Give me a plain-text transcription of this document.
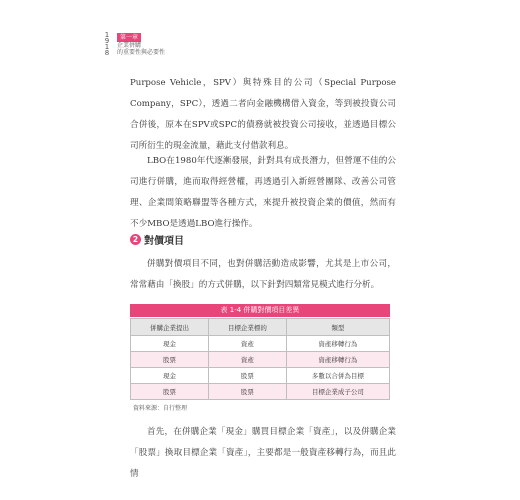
1
9
1
8
第一章
企業併購
的重要性與必要性

Purpose Vehicle，SPV）與特殊目的公司（Special Purpose Company，SPC），透過二者向金融機構借入資金，等到被投資公司合併後，原本在SPV或SPC的債務就被投資公司接收，並透過目標公司所衍生的現金流量，藉此支付借款利息。

LBO在1980年代逐漸發展，針對具有成長潛力，但營運不佳的公司進行併購，進而取得經營權，再透過引入新經營團隊、改善公司管理、企業間策略聯盟等各種方式，來提升被投資企業的價值，然而有不少MBO是透過LBO進行操作。

2 對價項目

併購對價項目不同，也對併購活動造成影響，尤其是上市公司，常常藉由「換股」的方式併購，以下針對四類常見模式進行分析。

表 1-4 併購對價項目差異
併購企業提出	目標企業標的	類型
現金	資產	資產移轉行為
股票	資產	資產移轉行為
現金	股票	多數以合併為目標
股票	股票	目標企業成子公司
資料來源：自行整理

首先，在併購企業「現金」購買目標企業「資產」，以及併購企業「股票」換取目標企業「資產」，主要都是一般資產移轉行為，而且此情
